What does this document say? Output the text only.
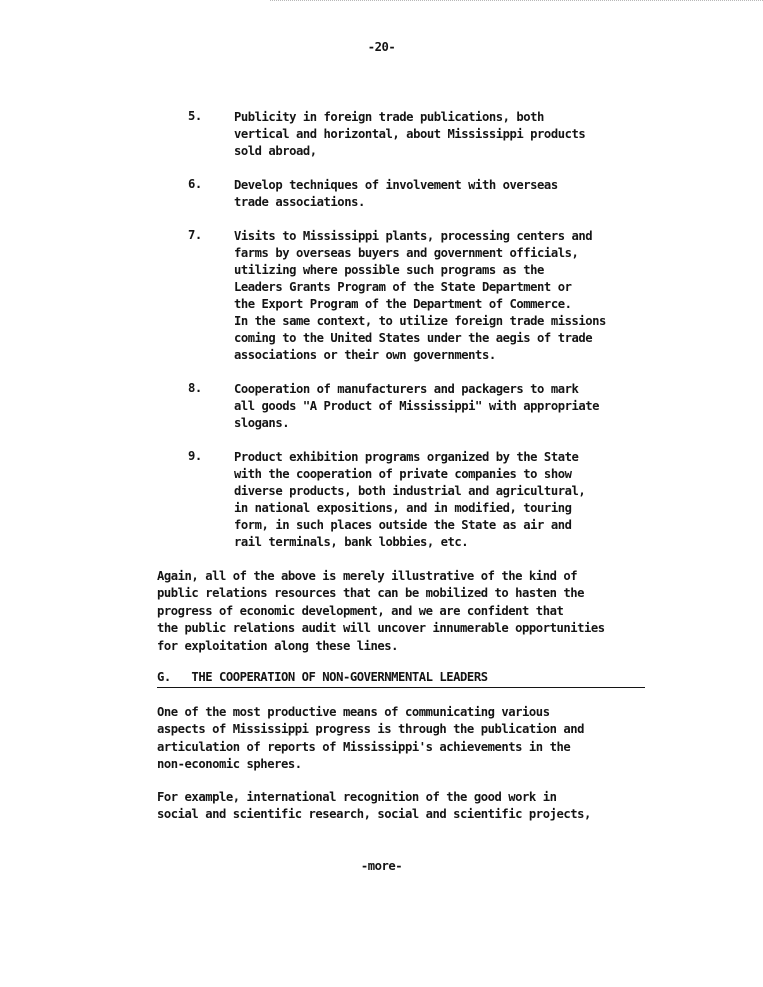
-20-
5.	Publicity in foreign trade publications, both
vertical and horizontal, about Mississippi products
sold abroad,
6.	Develop techniques of involvement with overseas
trade associations.
7.	Visits to Mississippi plants, processing centers and
farms by overseas buyers and government officials,
utilizing where possible such programs as the
Leaders Grants Program of the State Department or
the Export Program of the Department of Commerce.
In the same context, to utilize foreign trade missions
coming to the United States under the aegis of trade
associations or their own governments.
8.	Cooperation of manufacturers and packagers to mark
all goods "A Product of Mississippi" with appropriate
slogans.
9.	Product exhibition programs organized by the State
with the cooperation of private companies to show
diverse products, both industrial and agricultural,
in national expositions, and in modified, touring
form, in such places outside the State as air and
rail terminals, bank lobbies, etc.
Again, all of the above is merely illustrative of the kind of
public relations resources that can be mobilized to hasten the
progress of economic development, and we are confident that
the public relations audit will uncover innumerable opportunities
for exploitation along these lines.
G.   THE COOPERATION OF NON-GOVERNMENTAL LEADERS
One of the most productive means of communicating various
aspects of Mississippi progress is through the publication and
articulation of reports of Mississippi's achievements in the
non-economic spheres.
For example, international recognition of the good work in
social and scientific research, social and scientific projects,
-more-
